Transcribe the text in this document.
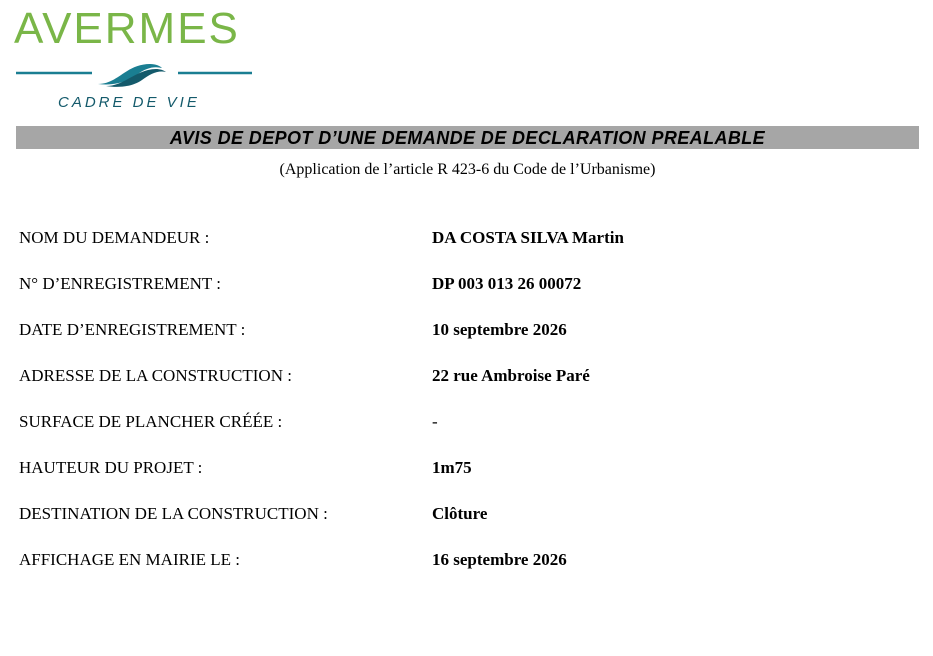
AVERMES
CADRE DE VIE
AVIS DE DEPOT D’UNE DEMANDE DE DECLARATION PREALABLE
(Application de l’article R 423-6 du Code de l’Urbanisme)
NOM DU DEMANDEUR :	DA COSTA SILVA Martin
N° D’ENREGISTREMENT :	DP 003 013 26 00072
DATE D’ENREGISTREMENT :	10 septembre 2026
ADRESSE DE LA CONSTRUCTION :	22 rue Ambroise Paré
SURFACE DE PLANCHER CRÉÉE :	-
HAUTEUR DU PROJET :	1m75
DESTINATION DE LA CONSTRUCTION :	Clôture
AFFICHAGE EN MAIRIE LE :	16 septembre 2026
